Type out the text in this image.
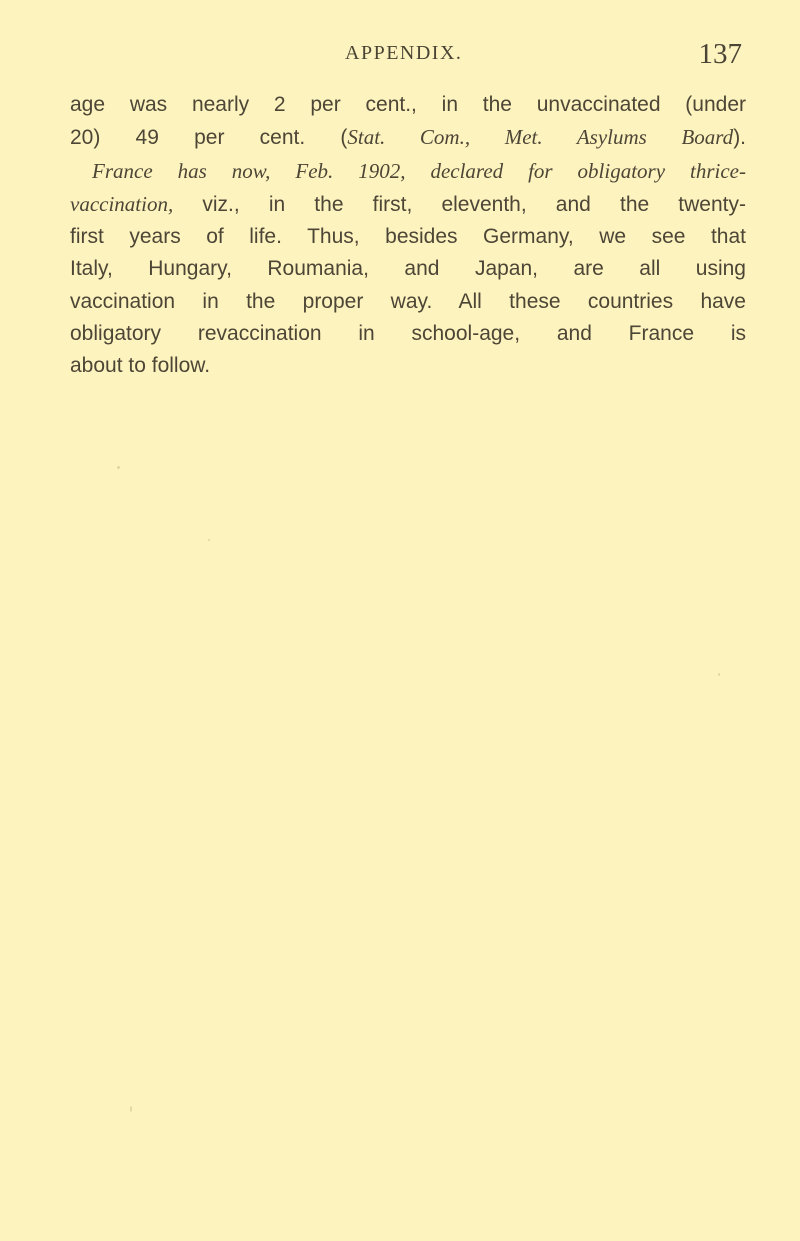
APPENDIX.	137
age was nearly 2 per cent., in the unvaccinated (under
20) 49 per cent. (Stat. Com., Met. Asylums Board).
France has now, Feb. 1902, declared for obligatory thrice-
vaccination, viz., in the first, eleventh, and the twenty-
first years of life. Thus, besides Germany, we see that
Italy, Hungary, Roumania, and Japan, are all using
vaccination in the proper way. All these countries have
obligatory revaccination in school-age, and France is
about to follow.
